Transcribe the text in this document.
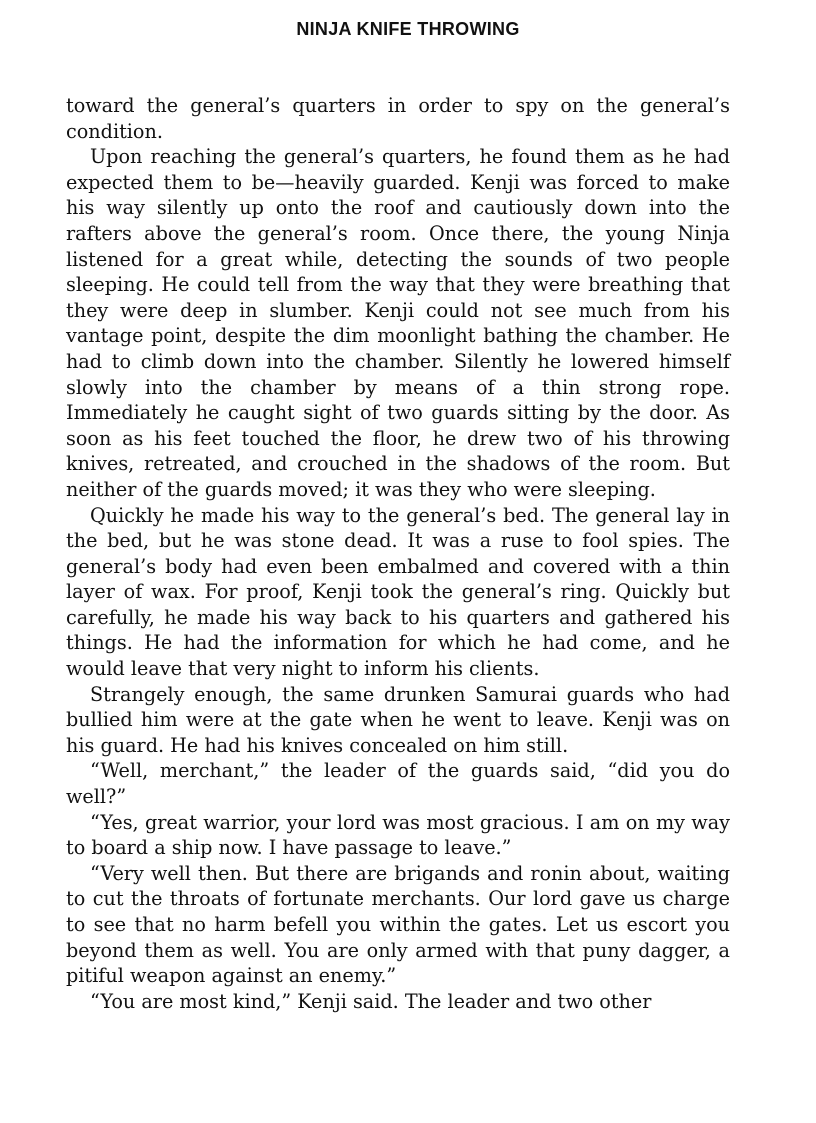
NINJA KNIFE THROWING

toward the general’s quarters in order to spy on the general’s condition.

Upon reaching the general’s quarters, he found them as he had expected them to be—heavily guarded. Kenji was forced to make his way silently up onto the roof and cautiously down into the rafters above the general’s room. Once there, the young Ninja listened for a great while, detecting the sounds of two people sleeping. He could tell from the way that they were breathing that they were deep in slumber. Kenji could not see much from his vantage point, despite the dim moonlight bathing the chamber. He had to climb down into the chamber. Silently he lowered himself slowly into the chamber by means of a thin strong rope. Immediately he caught sight of two guards sitting by the door. As soon as his feet touched the floor, he drew two of his throwing knives, retreated, and crouched in the shadows of the room. But neither of the guards moved; it was they who were sleeping.

Quickly he made his way to the general’s bed. The general lay in the bed, but he was stone dead. It was a ruse to fool spies. The general’s body had even been embalmed and covered with a thin layer of wax. For proof, Kenji took the general’s ring. Quickly but carefully, he made his way back to his quarters and gathered his things. He had the information for which he had come, and he would leave that very night to inform his clients.

Strangely enough, the same drunken Samurai guards who had bullied him were at the gate when he went to leave. Kenji was on his guard. He had his knives concealed on him still.

“Well, merchant,” the leader of the guards said, “did you do well?”

“Yes, great warrior, your lord was most gracious. I am on my way to board a ship now. I have passage to leave.”

“Very well then. But there are brigands and ronin about, waiting to cut the throats of fortunate merchants. Our lord gave us charge to see that no harm befell you within the gates. Let us escort you beyond them as well. You are only armed with that puny dagger, a pitiful weapon against an enemy.”

“You are most kind,” Kenji said. The leader and two other
